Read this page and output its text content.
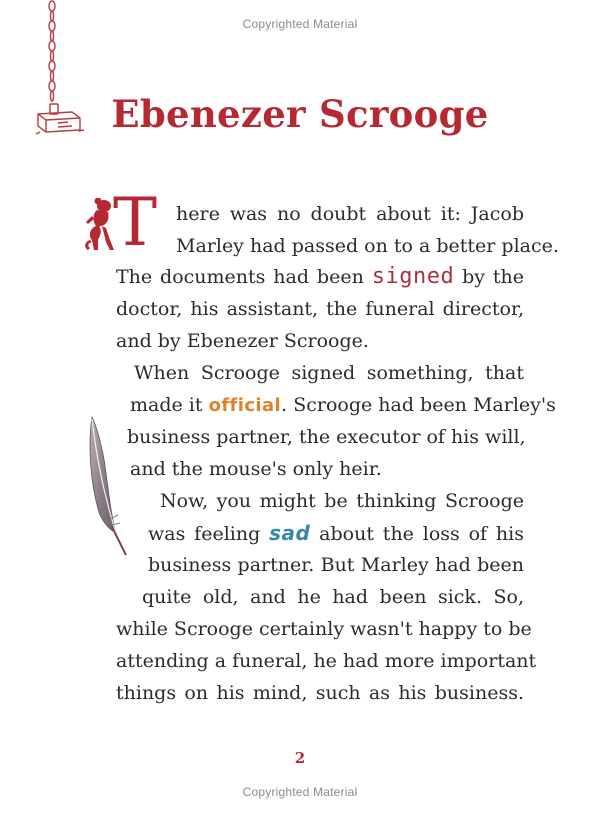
Copyrighted Material
Ebenezer Scrooge
T here was no doubt about it: Jacob
Marley had passed on to a better place.
The documents had been signed by the
doctor, his assistant, the funeral director,
and by Ebenezer Scrooge.
When Scrooge signed something, that
made it official. Scrooge had been Marley's
business partner, the executor of his will,
and the mouse's only heir.
Now, you might be thinking Scrooge
was feeling sad about the loss of his
business partner. But Marley had been
quite old, and he had been sick. So,
while Scrooge certainly wasn't happy to be
attending a funeral, he had more important
things on his mind, such as his business.
2
Copyrighted Material
